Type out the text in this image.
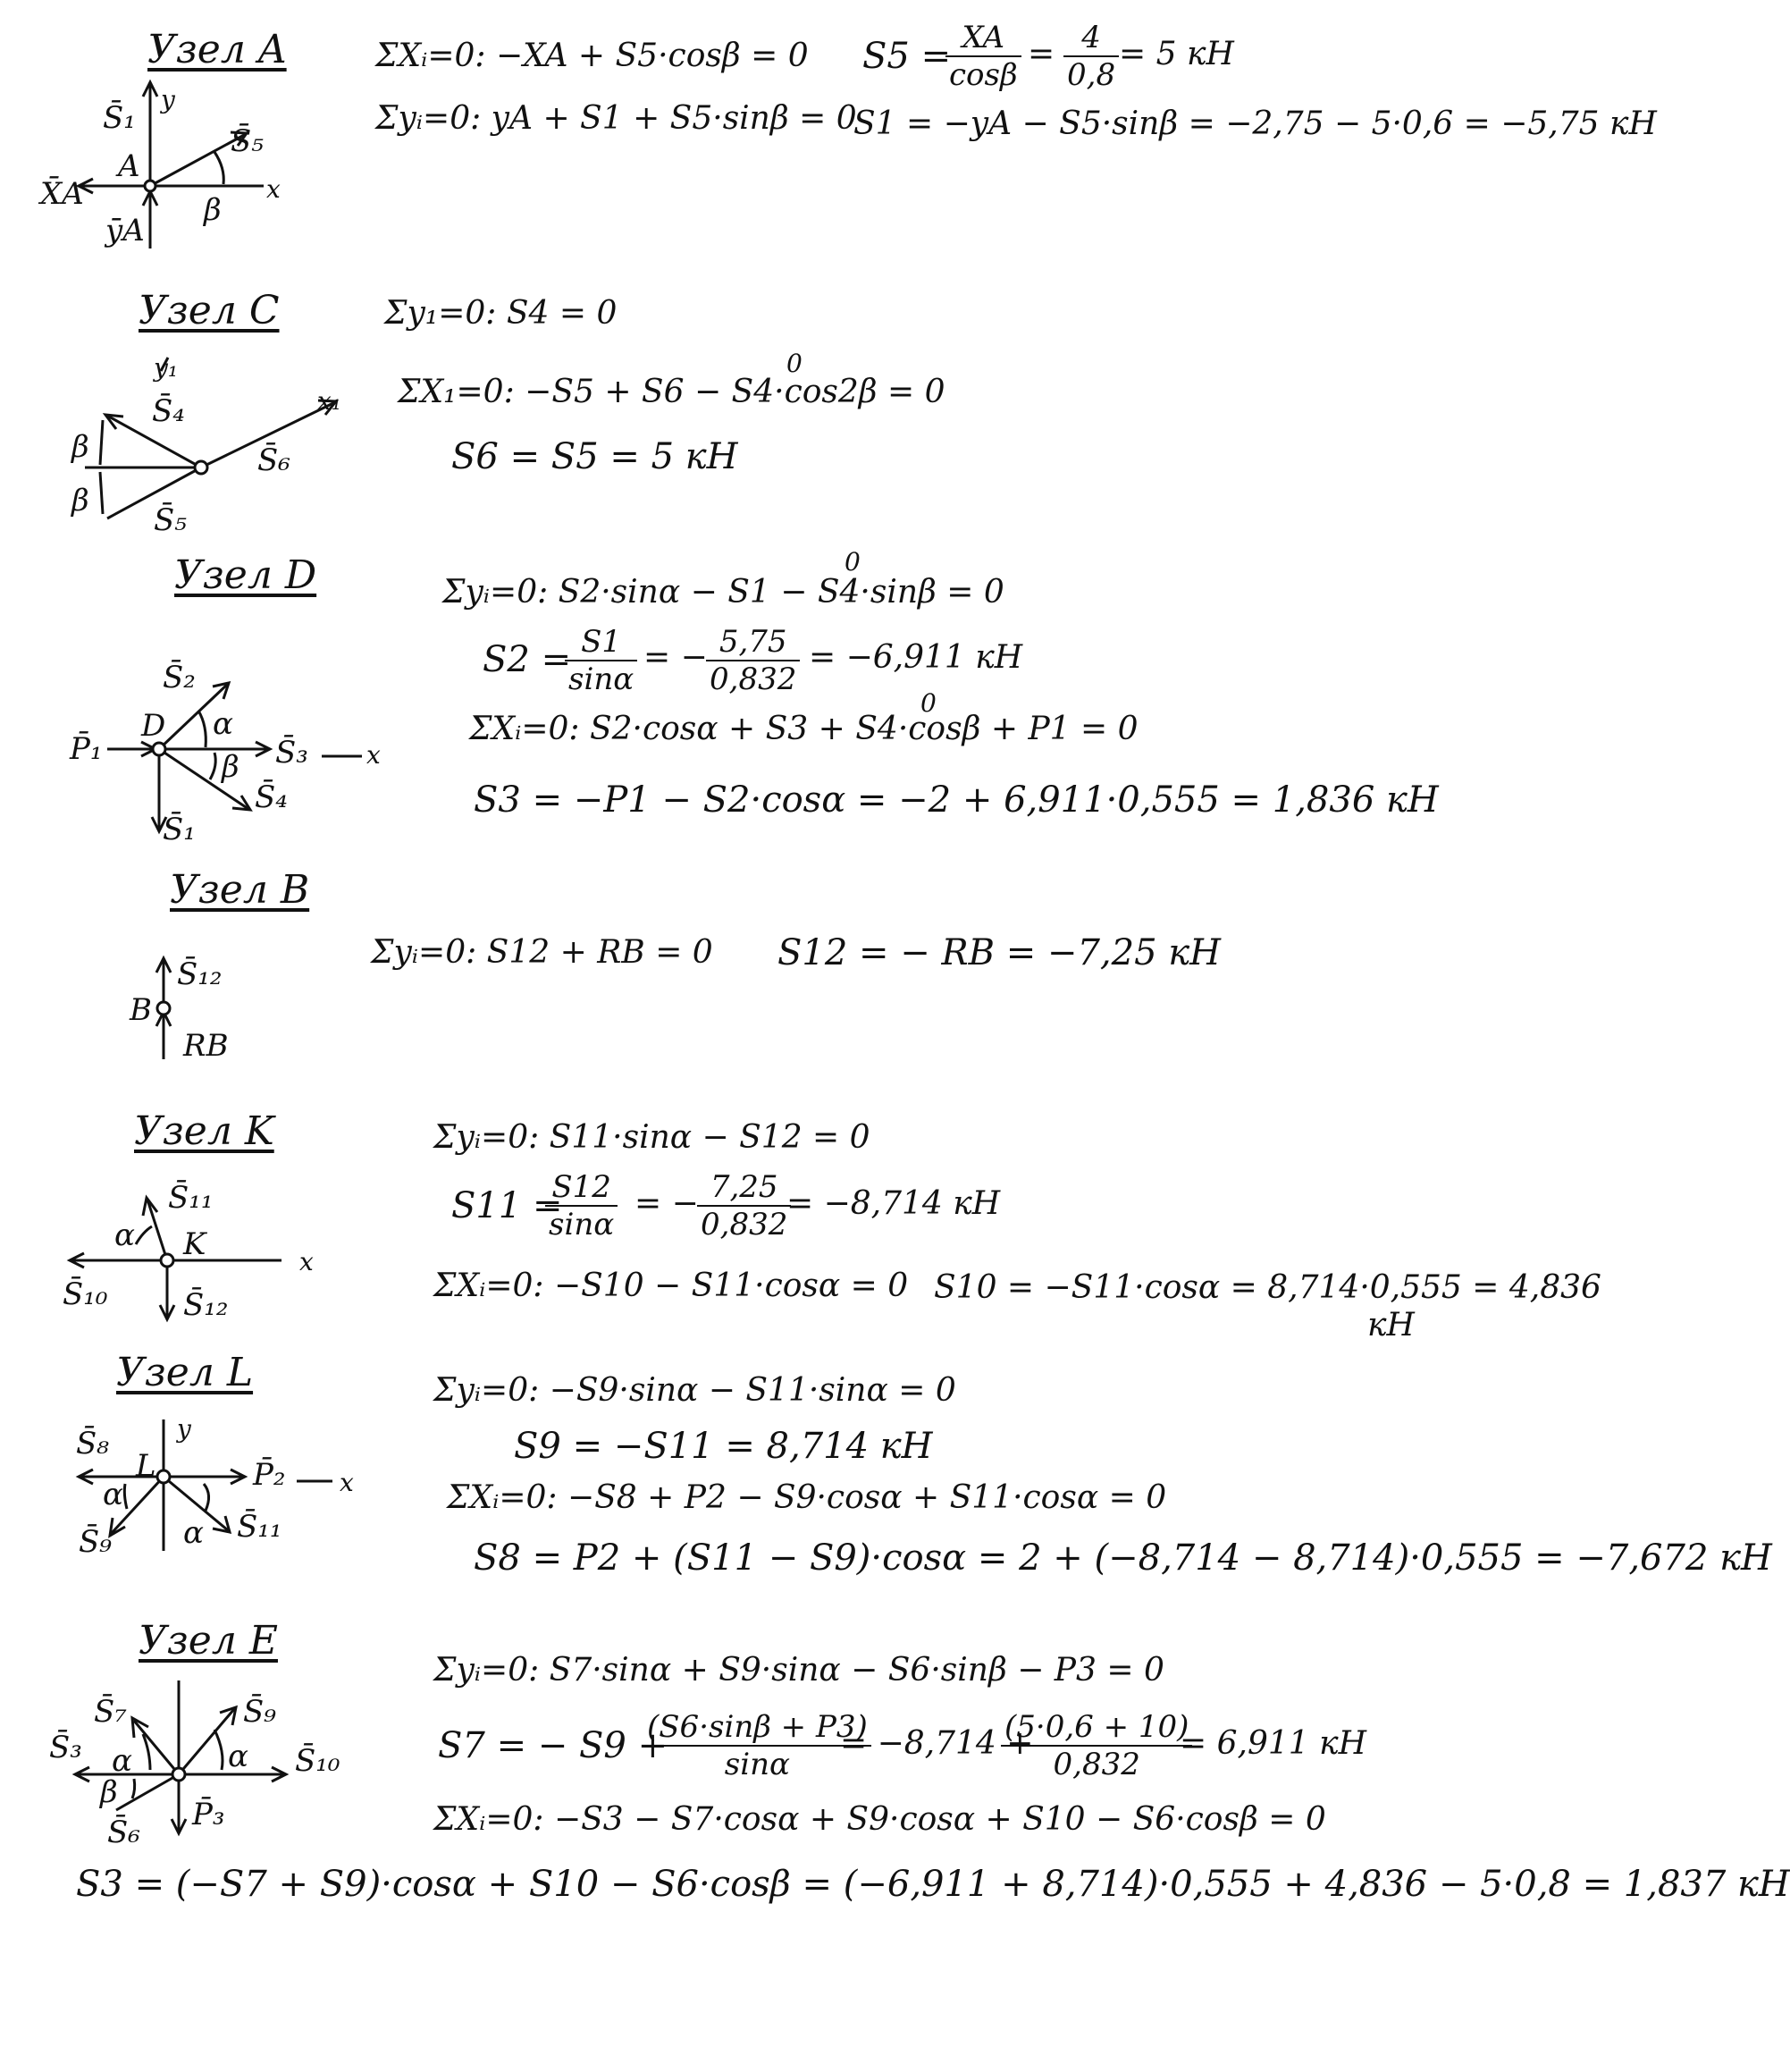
Узел A
S̄₁
y
S̄₅
A
X̄A	x
β
ȳA
ΣXᵢ=0: −XA + S5·cosβ = 0
Σyᵢ=0: yA + S1 + S5·sinβ = 0
S5 =
$\frac{XA}{\cos\beta} = \frac{4}{0,8} = 5$ кН
S1 = −yA − S5·sinβ = −2,75 − 5·0,6 = −5,75 кН
Узел C
y₁
S̄₄	x₁
β	S̄₆
β
S̄₅
Σy₁=0: S4 = 0
0
ΣX₁=0: −S5 + S6 − S4·cos2β = 0
S6 = S5 = 5 кН
Узел D
S̄₂
D α
P̄₁	S̄₃ x
β
S̄₄
S̄₁
Σyᵢ=0: S2·sinα − S1 − S4·sinβ = 0
0
S2 =
$\frac{S1}{\sin\alpha}$ = −
$\frac{5,75}{0,832} = -6,911$ кН
0
ΣXᵢ=0: S2·cosα + S3 + S4·cosβ + P1 = 0
S3 = −P1 − S2·cosα = −2 + 6,911·0,555 = 1,836 кН
Узел B
S̄₁₂
B
RB
Σyᵢ=0: S12 + RB = 0 S12 = − RB = −7,25 кН
Узел K
α
S̄₁₁
K	x
S̄₁₀ S̄₁₂
Σyᵢ=0: S11·sinα − S12 = 0
S11 =
$\frac{S12}{\sin\alpha}$ = −
$\frac{7,25}{0,832}$
= −8,714 кН
ΣXᵢ=0: −S10 − S11·cosα = 0 S10 = −S11·cosα = 8,714·0,555 = 4,836
кН
Узел L
S̄₈	y
L
α
P̄₂ x
S̄₉ α S̄₁₁
Σyᵢ=0: −S9·sinα − S11·sinα = 0
S9 = −S11 = 8,714 кН
ΣXᵢ=0: −S8 + P2 − S9·cosα + S11·cosα = 0
S8 = P2 + (S11 − S9)·cosα = 2 + (−8,714 − 8,714)·0,555 = −7,672 кН
Узел E
S̄₇	S̄₉
S̄₃ α	α S̄₁₀
β
S̄₆ P̄₃
Σyᵢ=0: S7·sinα + S9·sinα − S6·sinβ − P3 = 0
S7 = − S9 +
$\frac{(S6\cdot\sin\beta + P3)}{\sin\alpha}$
= −8,714 +
$\frac{(5\cdot 0,6 + 10)}{0,832}$
= 6,911 кН
ΣXᵢ=0: −S3 − S7·cosα + S9·cosα + S10 − S6·cosβ = 0
S3 = (−S7 + S9)·cosα + S10 − S6·cosβ = (−6,911 + 8,714)·0,555 + 4,836 − 5·0,8 = 1,837 кН
